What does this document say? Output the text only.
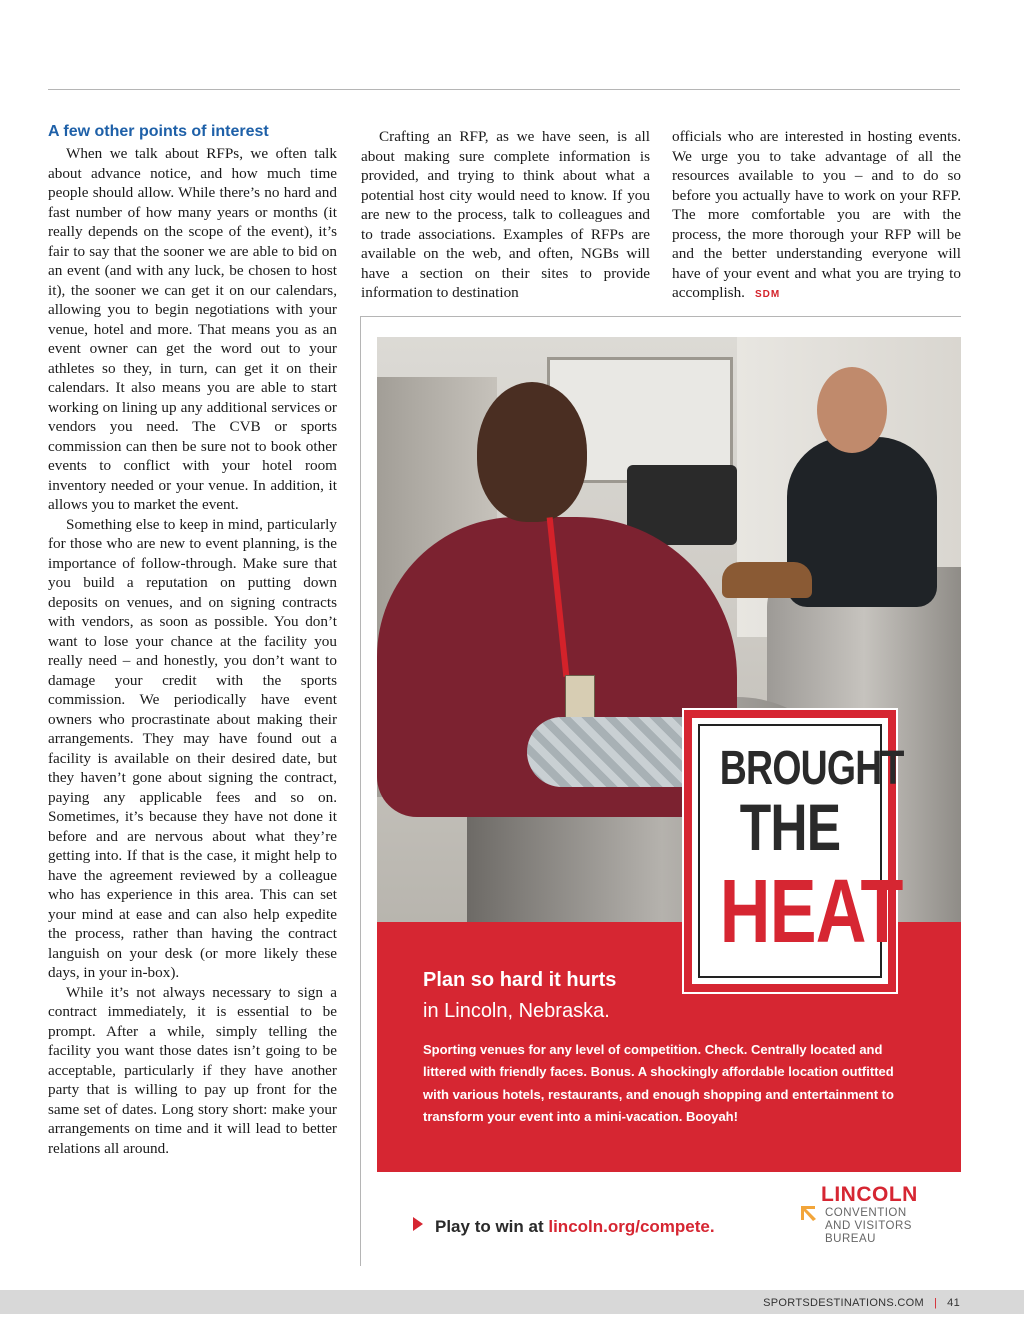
A few other points of interest

When we talk about RFPs, we often talk about advance notice, and how much time people should allow. While there’s no hard and fast number of how many years or months (it really depends on the scope of the event), it’s fair to say that the sooner we are able to bid on an event (and with any luck, be chosen to host it), the sooner we can get it on our calendars, allowing you to begin negotiations with your venue, hotel and more. That means you as an event owner can get the word out to your athletes so they, in turn, can get it on their calendars. It also means you are able to start working on lining up any additional services or vendors you need. The CVB or sports commission can then be sure not to book other events to conflict with your hotel room inventory needed or your venue. In addition, it allows you to market the event.

Something else to keep in mind, particularly for those who are new to event planning, is the importance of follow-through. Make sure that you build a reputation on putting down deposits on venues, and on signing contracts with vendors, as soon as possible. You don’t want to lose your chance at the facility you really need – and honestly, you don’t want to damage your credit with the sports commission. We periodically have event owners who procrastinate about making their arrangements. They may have found out a facility is available on their desired date, but they haven’t gone about signing the contract, paying any applicable fees and so on. Sometimes, it’s because they have not done it before and are nervous about what they’re getting into. If that is the case, it might help to have the agreement reviewed by a colleague who has experience in this area. This can set your mind at ease and can also help expedite the process, rather than having the contract languish on your desk (or more likely these days, in your in-box).

While it’s not always necessary to sign a contract immediately, it is essential to be prompt. After a while, simply telling the facility you want those dates isn’t going to be acceptable, particularly if they have another party that is willing to pay up front for the same set of dates. Long story short: make your arrangements on time and it will lead to better relations all around.

Crafting an RFP, as we have seen, is all about making sure complete information is provided, and trying to think about what a potential host city would need to know. If you are new to the process, talk to colleagues and to trade associations. Examples of RFPs are available on the web, and often, NGBs will have a section on their sites to provide information to destination

officials who are interested in hosting events. We urge you to take advantage of all the resources available to you – and to do so before you actually have to work on your RFP. The more comfortable you are with the process, the more thorough your RFP will be and the better understanding everyone will have of your event and what you are trying to accomplish. SDM

BROUGHT
THE
HEAT

Plan so hard it hurts

in Lincoln, Nebraska.

Sporting venues for any level of competition. Check. Centrally located and littered with friendly faces. Bonus. A shockingly affordable location outfitted with various hotels, restaurants, and enough shopping and entertainment to transform your event into a mini-vacation. Booyah!

Play to win at lincoln.org/compete.
LINCOLN
CONVENTION
AND VISITORS
BUREAU
SPORTSDESTINATIONS.COM | 41
